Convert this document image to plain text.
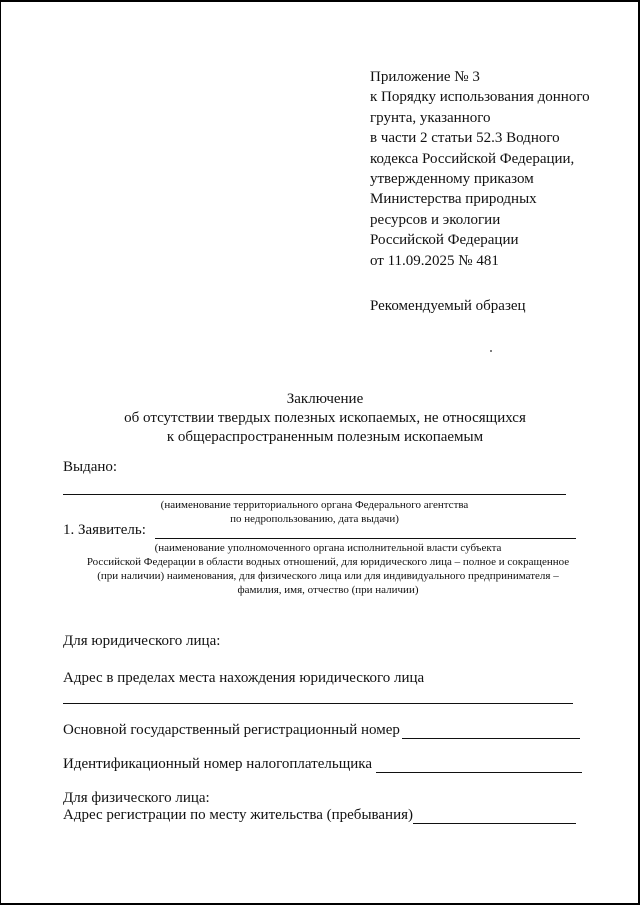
Приложение № 3
к Порядку использования донного
грунта, указанного
в части 2 статьи 52.3 Водного
кодекса Российской Федерации,
утвержденному приказом
Министерства природных
ресурсов и экологии
Российской Федерации
от 11.09.2025 № 481
Рекомендуемый образец
Заключение
об отсутствии твердых полезных ископаемых, не относящихся
к общераспространенным полезным ископаемым
Выдано:
(наименование территориального органа Федерального агентства
по недропользованию, дата выдачи)
1. Заявитель:
(наименование уполномоченного органа исполнительной власти субъекта
Российской Федерации в области водных отношений, для юридического лица – полное и сокращенное
(при наличии) наименования, для физического лица или для индивидуального предпринимателя –
фамилия, имя, отчество (при наличии)
Для юридического лица:
Адрес в пределах места нахождения юридического лица
Основной государственный регистрационный номер
Идентификационный номер налогоплательщика
Для физического лица:
Адрес регистрации по месту жительства (пребывания)
